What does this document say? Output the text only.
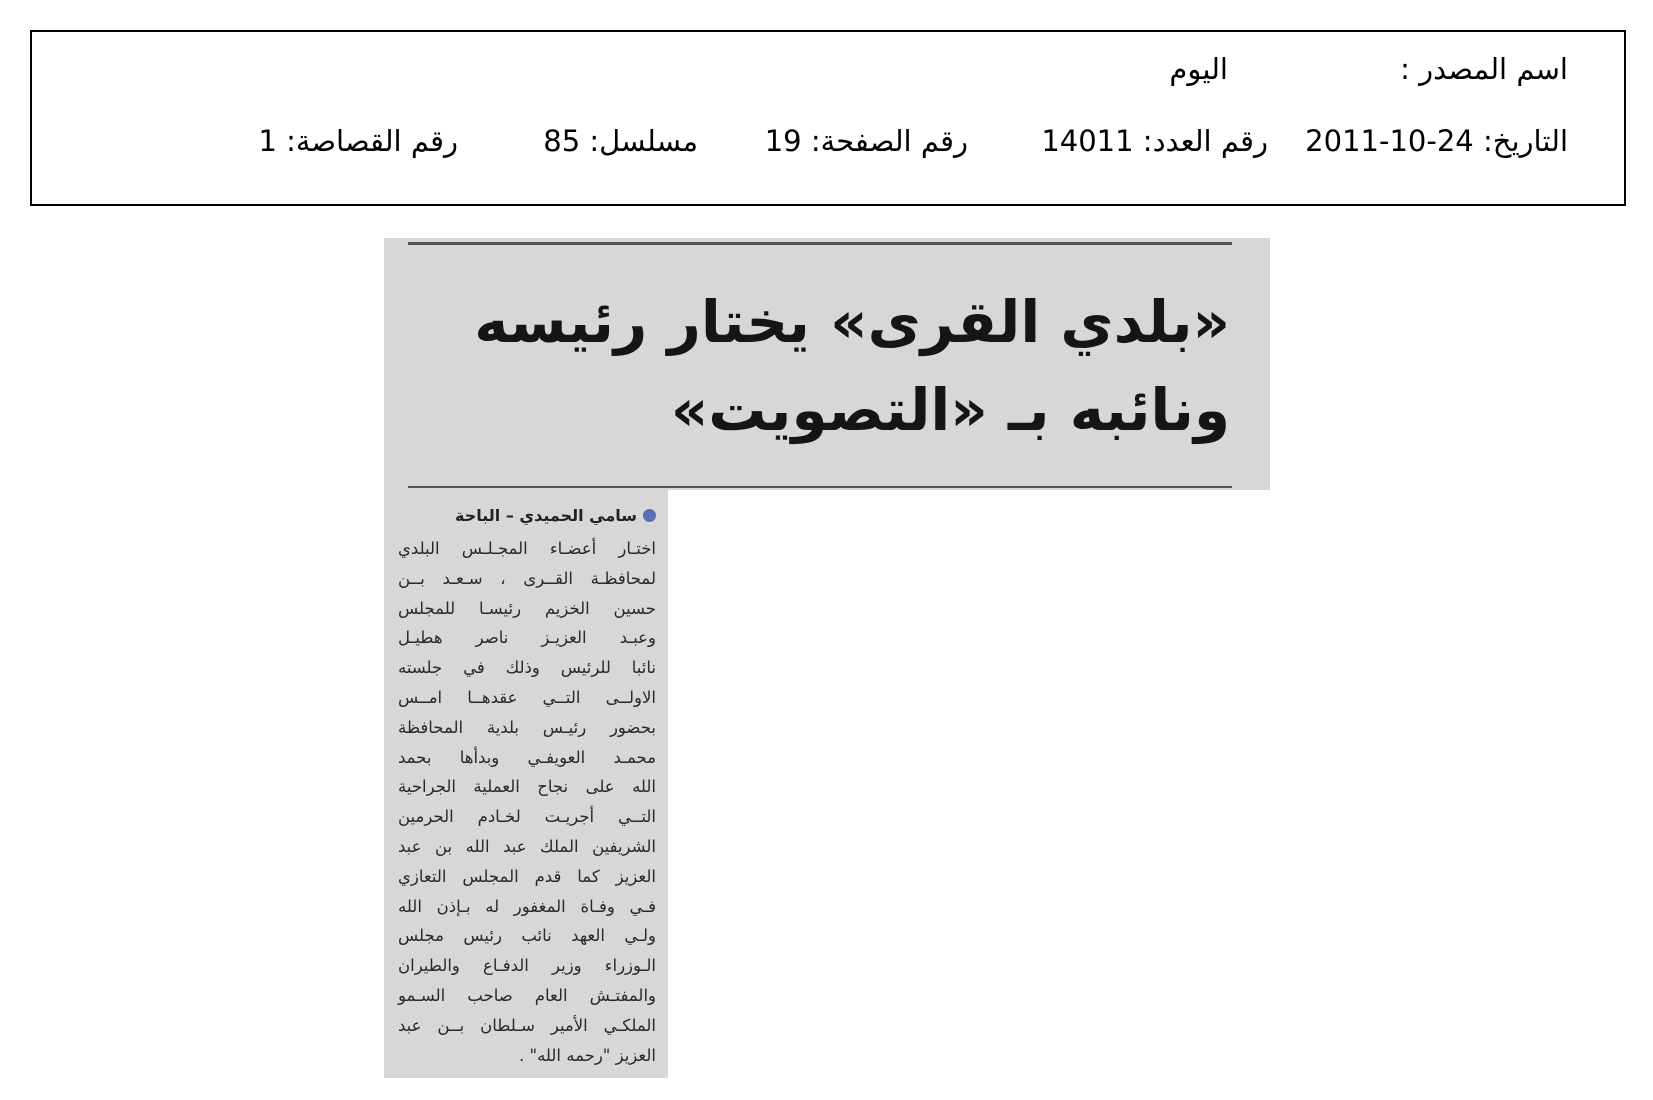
اسم المصدر :
اليوم
التاريخ: 24-10-2011
رقم العدد: 14011
رقم الصفحة: 19
مسلسل: 85
رقم القصاصة: 1
«بلدي القرى» يختار رئيسه
ونائبه بـ «التصويت»
سامي الحميدي – الباحة
اختـار أعضـاء المجـلـس البلدي
لمحافظـة القــرى ، سـعـد بــن
حسين الخزيم رئيسـا للمجلس
وعبـد العزيـز ناصر هطيـل
نائبا للرئيس وذلك في جلسته
الاولــى التــي عقدهــا امــس
بحضور رئيـس بلدية المحافظة
محمـد العويفـي وبدأها بحمد
الله على نجاح العملية الجراحية
التــي أجريـت لخـادم الحرمين
الشريفين الملك عبد الله بن عبد
العزيز كما قدم المجلس التعازي
فـي وفـاة المغفور له بـإذن الله
ولـي العهد نائب رئيس مجلس
الـوزراء وزير الدفـاع والطيران
والمفتـش العام صاحب السـمو
الملكـي الأمير سـلطان بــن عبد
العزيز "رحمه الله" .
